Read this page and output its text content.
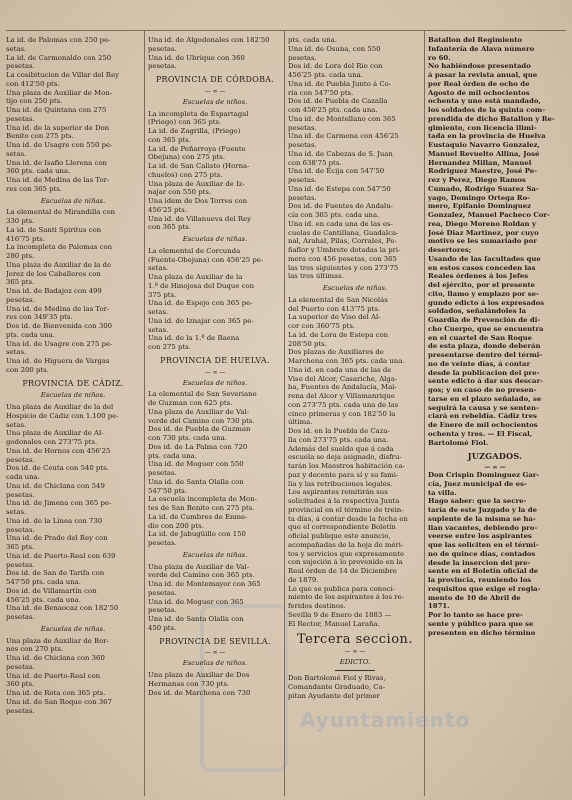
Ayuntamiento
La id. de Palomas con 250 pe-
setas.
La id. de Carmonaldo con 250
pesetas.
La cosibitucion de Villar del Rey
con 412'50 pts.
Una plaza de Auxiliar de Mon-
tijo con 250 pts.
Una id. de Quintana con 275
pesetas.
Una id. de la superior de Don
Benito con 275 pts.
Una id. de Usagre con 550 pe-
setas.
Una id. de Isafio Llerena con
360 pts. cada una.
Una id. de Medina de las Tor-
res con 365 pts.
Escuelas de niñas.
La elemental de Mirandilla con
330 pts.
La id. de Santi Spiritus con
416'75 pts.
La incompleta de Palomas con
280 pts.
Una plaza de Auxiliar de la de
Jerez de los Caballeros con
365 pts.
Una id. de Badajoz con 499
pesetas.
Una id. de Medina de las Tor-
res con 349'35 pts.
Dos id. de Bienvenida con 300
pts. cada una.
Una id. de Usagre con 275 pe-
setas.
Una id. de Higuera de Vargas
con 200 pts.
PROVINCIA DE CÁDIZ.
Escuelas de niños.
Una plaza de Auxiliar de la del
Hospicio de Cádiz con 1.100 pe-
setas.
Una plaza de Auxiliar de Al-
godonales con 273'75 pts.
Una id. de Hornos con 456'25
pesetas.
Dos id. de Ceuta con 540 pts.
cada una.
Una id. de Chiclana con 549
pesetas.
Una id. de Jimena con 365 pe-
setas.
Una id. de la Línea con 730
pesetas.
Una id. de Prado del Rey con
365 pts.
Una id. de Puerto-Real con 639
pesetas.
Dos id. de San de Tarifa con
547'50 pts. cada una.
Dos id. de Villamartín con
456'25 pts. cada una.
Una id. de Benaocaz con 182'50
pesetas.
Escuelas de niñas.
Una plaza de Auxiliar de Bor-
nos con 270 pts.
Una id. de Chiclana con 360
pesetas.
Una id. de Puerto-Real con
360 pts.
Una id. de Rota con 365 pts.
Una id. de San Roque con 367
pesetas.
Una id. de Algodonales con 182'50
pesetas.
Una id. de Ubrique con 360
pesetas.
PROVINCIA DE CÓRDOBA.
— ∞ —
Escuelas de niños.
La incompleta de Espartagal
(Priego) con 365 pts.
La id. de Zagrilla, (Priego)
con 365 pts.
La id. de Peñarroya (Fuente
Obejuna) con 275 pts.
La id. de San Calisto (Horna-
chuelos) con 275 pts.
Una plaza de Auxiliar de Iz-
najar con 550 pts.
Una idem de Dos Torres con
456'25 pts.
Una id. de Villanueva del Rey
con 365 pts.
Escuelas de niñas.
La elemental de Corcunda
(Fuente-Obejuna) con 456'25 pe-
setas.
Una plaza de Auxiliar de la
1.ª de Hinojosa del Duque con
375 pts.
Una id. de Espejo con 365 pe-
setas.
Una id. de Iznajar con 365 pe-
setas.
Una id. de la 1.ª de Baena
con 275 pts.
PROVINCIA DE HUELVA.
— ∞ —
Escuelas de niños.
La elemental de San Severiano
de Guzman con 625 pts.
Una plaza de Auxiliar de Val-
verde del Camino con 730 pts.
Dos id. de Puebla de Guzman
con 730 pts. cada una.
Dos id. de La Palma con 720
pts. cada una.
Una id. de Moguer con 550
pesetas.
Una id. de Santa Olalla con
547'50 pts.
La escuela incompleta de Mon-
tes de San Benito con 275 pts.
La id. de Cumbres de Enme-
dio con 200 pts.
La id. de Jabugüillo con 150
pesetas.
Escuelas de niñas.
Una plaza de Auxiliar de Val-
verde del Camino con 365 pts.
Una id. de Montemayor con 365
pesetas.
Una id. de Moguer con 365
pesetas.
Una id. de Santa Olalla con
450 pts.
PROVINCIA DE SEVILLA.
— ∞ —
Escuelas de niños.
Una plaza de Auxiliar de Dos
Hermanas con 730 pts.
Dos id. de Marchena con 730
pts. cada una.
Una id. de Osuna, con 550
pesetas.
Dos id. de Lora del Rio con
456'25 pts. cada una.
Una id. de Puebla Junto á Co-
ria con 547'50 pts.
Dos id. de Puebla de Cazalla
con 456'25 pts. cada una.
Una id. de Montellano con 365
pesetas.
Una id. de Carmona con 456'25
pesetas.
Una id. de Cabezas de S. Juan
con 638'75 pts.
Una id. de Écija con 547'50
pesetas.
Una id. de Estepa con 547'50
pesetas.
Dos id. de Fuentes de Andalu-
cía con 365 pts. cada una.
Una id. en cada una de las es-
cuelas de Cantillana, Guadalca-
nal, Arahal, Pilas, Corrales, Pe-
ñaflor y Umbrete dotadas la pri-
mera con 456 pesetas, con 365
las tres siguientes y con 273'75
las tres últimas.
Escuelas de niñas.
La elemental de San Nicolás
del Puerto con 413'75 pts.
La superior de Viso del Al-
cor con 360'75 pts.
La id. de Lora de Estepa con
208'50 pts.
Dos plazas de Auxiliares de
Marchena con 365 pts. cada una.
Una id. en cada una de las de
Viso del Alcor, Casariche, Alga-
ba, Fuentes de Andalucía, Mai-
rena del Alcor y Villamanrique
con 273'75 pts. cada una de las
cinco primeras y con 182'50 la
última.
Dos id. en la Puebla de Caza-
lla con 273'75 pts. cada una.
Además del sueldo que á cada
escuela se deja asignado, disfru-
tarán los Maestros habitación ca-
paz y decente para sí y su fami-
lia y las retribuciones legales.
Los aspirantes remitirán sus
solicitudes á la respectiva Junta
provincial en el término de trein-
ta días, á contar desde la fecha en
que el correspondiente Boletín
oficial publique este anuncio,
acompañadas de la hoja de méri-
tos y servicios que expresamente
con sujeción á lo prevenido en la
Real órden de 14 de Diciembre
de 1879.
Lo que se publica para conoci-
miento de los aspirantes á los re-
feridos destinos.
Sevilla 9 de Enero de 1883 —
El Rector, Manuel Laraña.
Tercera seccion.
— ∞ —
EDICTO.
Don Bartolomé Fiol y Rivas,
Comandante Graduado, Ca-
pitan Ayudante del primer
Batallon del Regimiento
Infantería de Alava número
ro 60.
No habiéndose presentado
á pasar la revista anual, que
por Real órden de ocho de
Agosto de mil ochocientos
ochenta y uno está mandado,
los soldados de la quinta com-
prendida de dicho Batallon y Re-
gimiento, con licencia ilimi-
tada en la provincia de Huelva
Eustaquio Navarro Gonzalez,
Manuel Revuelto Allina, José
Hernandez Millan, Manuel
Rodriguez Maestre, José Pe-
rez y Perez, Diego Ramos
Cumado, Rodrigo Suarez Sa-
yago, Domingo Ortega Ro-
mero, Epifanio Dominguez
Gonzalez, Manuel Pacheco Cor-
rea, Diego Moreno Roldan y
José Diaz Martinez, por cuyo
motivo se les sumariado por
desertores;
Usando de las facultades que
en estos casos conceden las
Reales órdenes á los Jefes
del ejército, por el presente
cito, llamo y emplazo por se-
gundo edicto á los expresados
soldados, señalándoles la
Guardia de Prevención de di-
cho Cuerpo, que se encuentra
en el cuartel de San Roque
de esta plaza, donde deberán
presentarse dentro del térmi-
no de veinte días, á contar
desde la publicacion del pre-
sente edicto á dar sus descar-
gos; y en caso de no presen-
tarse en el plazo señalado, se
seguirá la causa y se senten-
ciará en rebeldía. Cádiz tres
de Enero de mil ochocientos
ochenta y tres. — El Fiscal,
Bartolomé Fiol.
JUZGADOS.
— ∞ —
Don Crispin Dominguez Gar-
cía, Juez municipal de es-
ta villa.
Hago saber: que la secre-
taría de este Juzgado y la de
suplente de la misma se ha-
llan vacantes, debiendo pro-
veerse entre los aspirantes
que las soliciten en el térmi-
no de quince días, contados
desde la insercion del pre-
sente en el Boletín oficial de
la provincia, reuniendo los
requisitos que exige el regla-
mento de 10 de Abril de
1871.
Por lo tanto se hace pre-
sente y público para que se
presenten en dicho término
